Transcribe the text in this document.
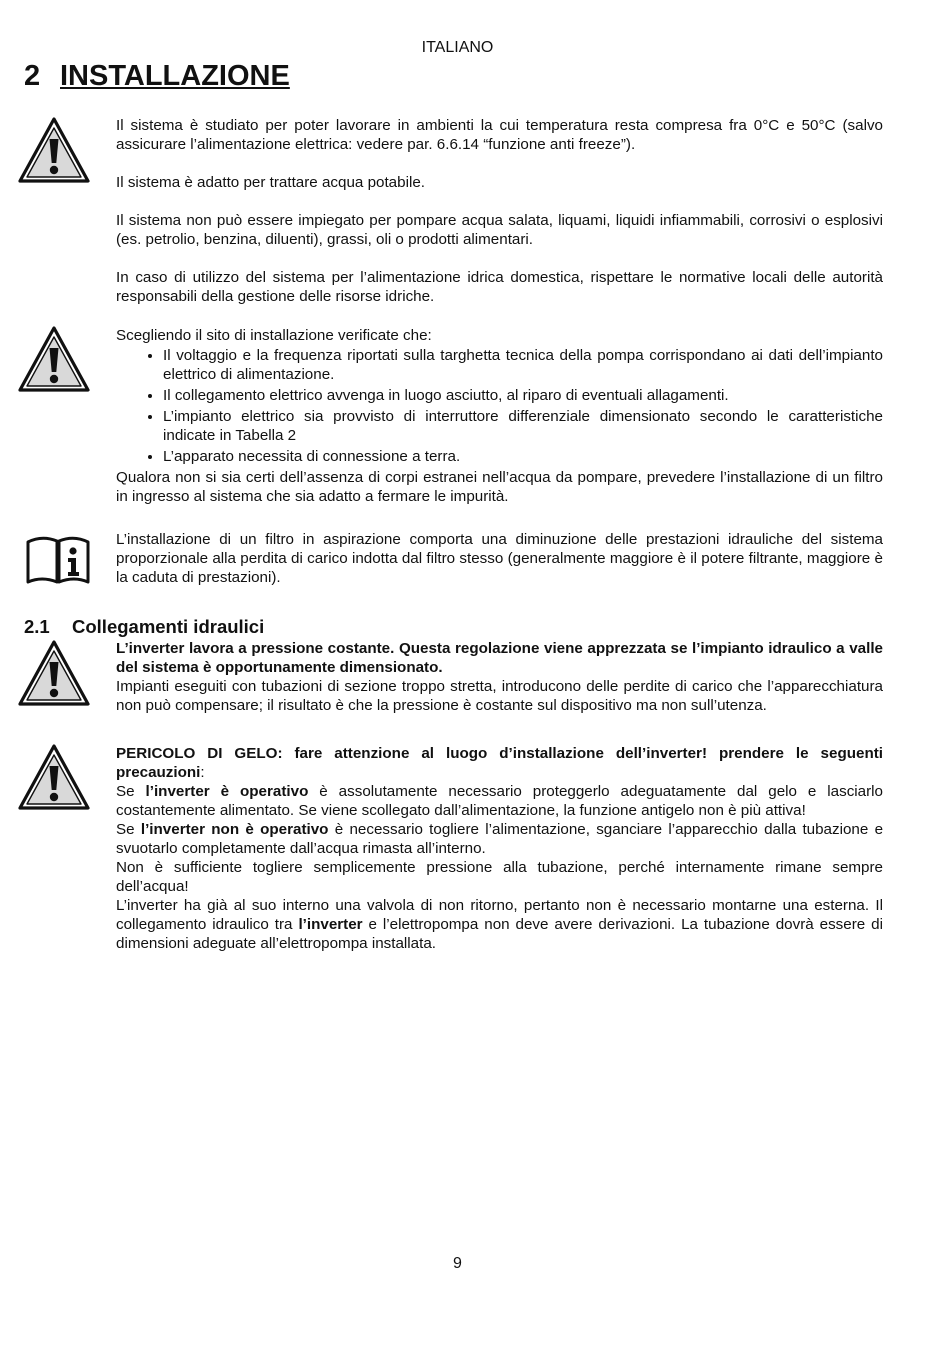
ITALIANO
2 INSTALLAZIONE

Il sistema è studiato per poter lavorare in ambienti la cui temperatura resta compresa fra 0°C e 50°C (salvo assicurare l’alimentazione elettrica: vedere par. 6.6.14 “funzione anti freeze”).

Il sistema è adatto per trattare acqua potabile.

Il sistema non può essere impiegato per pompare acqua salata, liquami, liquidi infiammabili, corrosivi o esplosivi (es. petrolio, benzina, diluenti), grassi, oli o prodotti alimentari.

In caso di utilizzo del sistema per l’alimentazione idrica domestica, rispettare le normative locali delle autorità responsabili della gestione delle risorse idriche.

Scegliendo il sito di installazione verificate che:

• Il voltaggio e la frequenza riportati sulla targhetta tecnica della pompa corrispondano ai dati dell’impianto elettrico di alimentazione.
• Il collegamento elettrico avvenga in luogo asciutto, al riparo di eventuali allagamenti.
• L’impianto elettrico sia provvisto di interruttore differenziale dimensionato secondo le caratteristiche indicate in Tabella 2
• L’apparato necessita di connessione a terra.

Qualora non si sia certi dell’assenza di corpi estranei nell’acqua da pompare, prevedere l’installazione di un filtro in ingresso al sistema che sia adatto a fermare le impurità.

L’installazione di un filtro in aspirazione comporta una diminuzione delle prestazioni idrauliche del sistema proporzionale alla perdita di carico indotta dal filtro stesso (generalmente maggiore è il potere filtrante, maggiore è la caduta di prestazioni).

2.1 Collegamenti idraulici

L’inverter lavora a pressione costante. Questa regolazione viene apprezzata se l’impianto idraulico a valle del sistema è opportunamente dimensionato.

Impianti eseguiti con tubazioni di sezione troppo stretta, introducono delle perdite di carico che l’apparecchiatura non può compensare; il risultato è che la pressione è costante sul dispositivo ma non sull’utenza.

PERICOLO DI GELO: fare attenzione al luogo d’installazione dell’inverter! prendere le seguenti precauzioni:

Se l’inverter è operativo è assolutamente necessario proteggerlo adeguatamente dal gelo e lasciarlo costantemente alimentato. Se viene scollegato dall’alimentazione, la funzione antigelo non è più attiva!

Se l’inverter non è operativo è necessario togliere l’alimentazione, sganciare l’apparecchio dalla tubazione e svuotarlo completamente dall’acqua rimasta all’interno.

Non è sufficiente togliere semplicemente pressione alla tubazione, perché internamente rimane sempre dell’acqua!

L’inverter ha già al suo interno una valvola di non ritorno, pertanto non è necessario montarne una esterna. Il collegamento idraulico tra l’inverter e l’elettropompa non deve avere derivazioni. La tubazione dovrà essere di dimensioni adeguate all’elettropompa installata.

9
